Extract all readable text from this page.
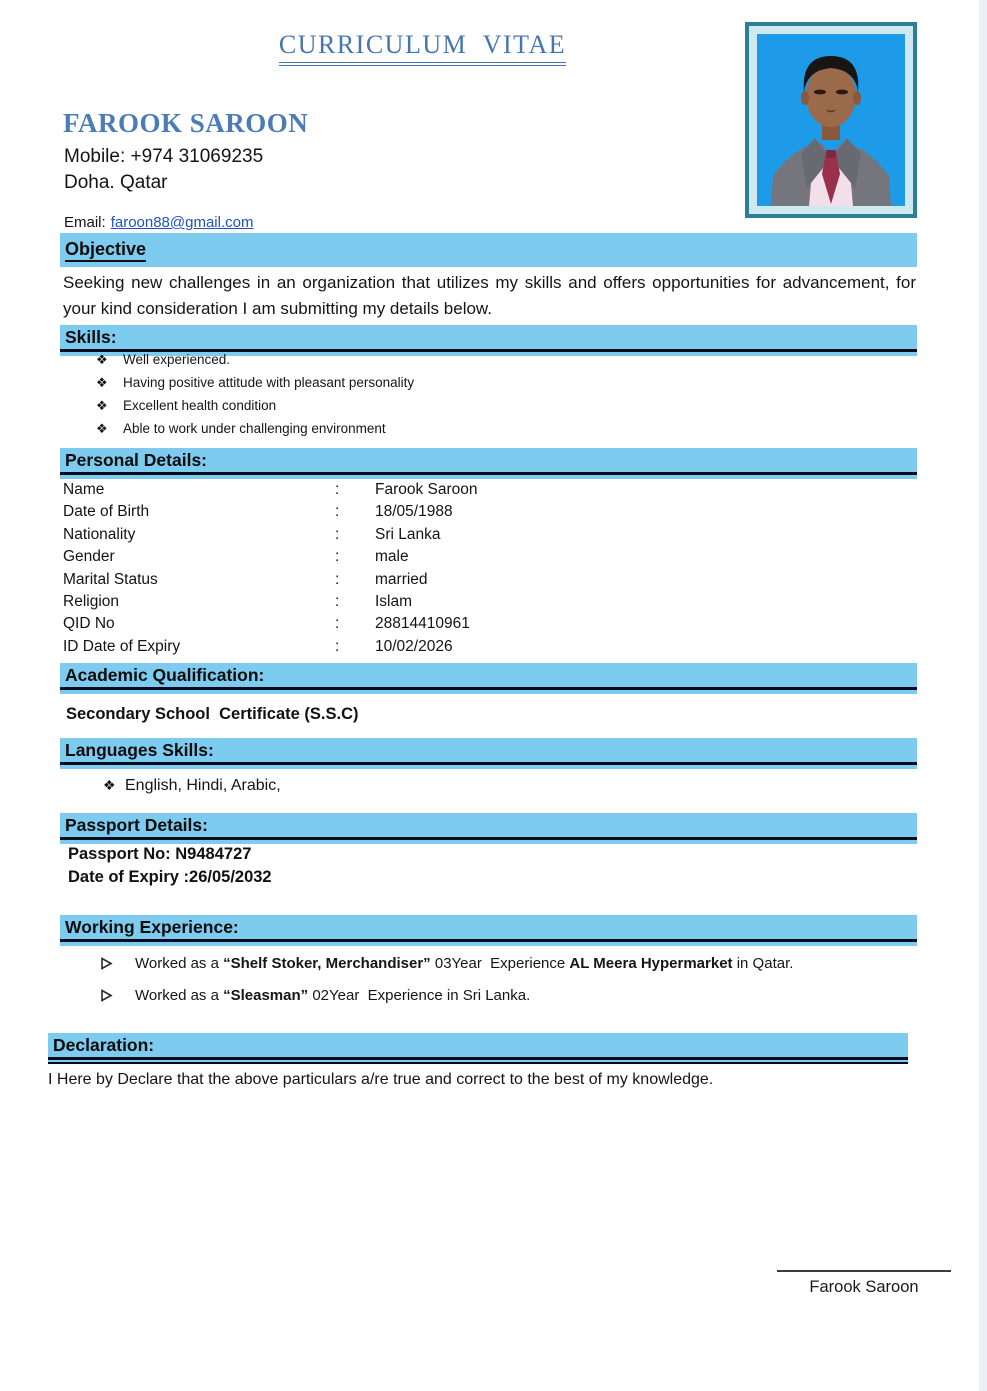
CURRICULUM  VITAE
FAROOK SAROON
Mobile: +974 31069235
Doha. Qatar
Email: faroon88@gmail.com
Objective
Seeking new challenges in an organization that utilizes my skills and offers opportunities for advancement, for your kind consideration I am submitting my details below.
Skills:
❖ Well experienced.
❖ Having positive attitude with pleasant personality
❖ Excellent health condition
❖ Able to work under challenging environment
Personal Details:
Name	:	Farook Saroon
Date of Birth	:	18/05/1988
Nationality	:	Sri Lanka
Gender	:	male
Marital Status	:	married
Religion	:	Islam
QID No	:	28814410961
ID Date of Expiry	:	10/02/2026
Academic Qualification:
Secondary School  Certificate (S.S.C)
Languages Skills:
❖ English, Hindi, Arabic,
Passport Details:
Passport No: N9484727
Date of Expiry :26/05/2032
Working Experience:
Worked as a “Shelf Stoker, Merchandiser” 03Year  Experience AL Meera Hypermarket in Qatar.
Worked as a “Sleasman” 02Year  Experience in Sri Lanka.
Declaration:
I Here by Declare that the above particulars a/re true and correct to the best of my knowledge.
Farook Saroon
